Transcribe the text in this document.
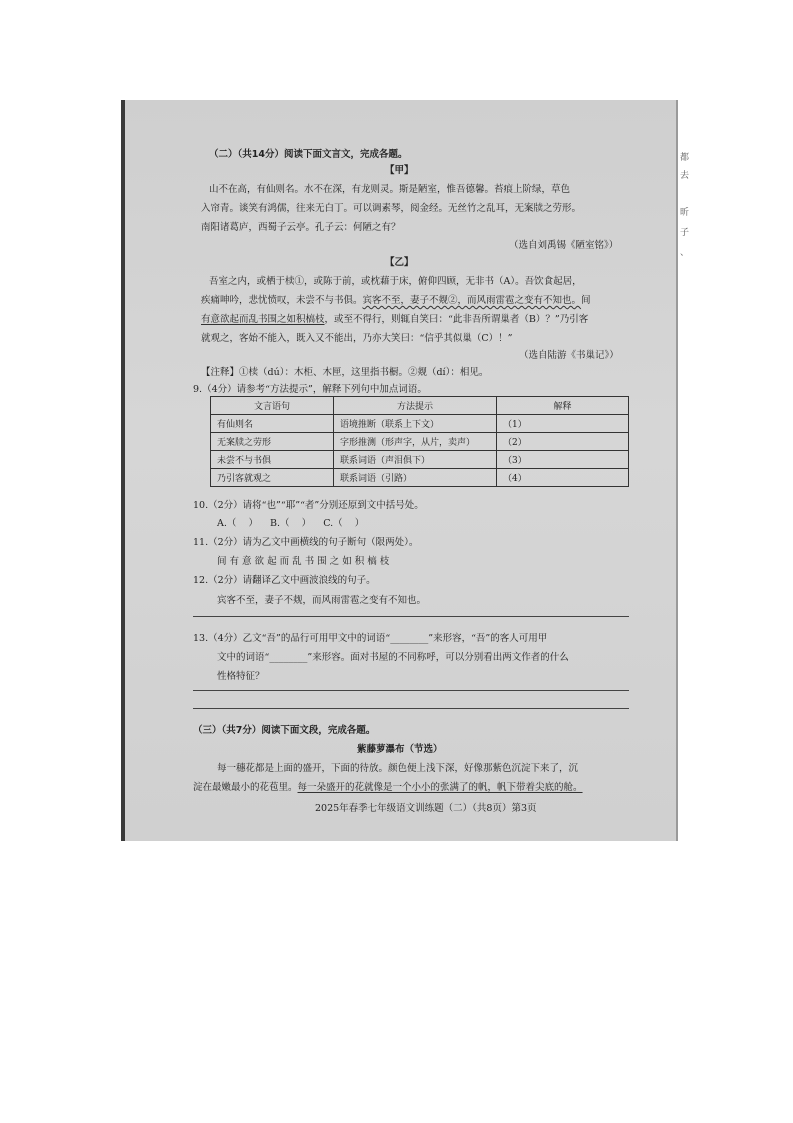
（二）（共14分）阅读下面文言文，完成各题。
【甲】
山不在高，有仙则名。水不在深，有龙则灵。斯是陋室，惟吾德馨。苔痕上阶绿，草色
入帘青。谈笑有鸿儒，往来无白丁。可以调素琴，阅金经。无丝竹之乱耳，无案牍之劳形。
南阳诸葛庐，西蜀子云亭。孔子云：何陋之有？
（选自刘禹锡《陋室铭》）
【乙】
吾室之内，或栖于椟①，或陈于前，或枕藉于床，俯仰四顾，无非书（A）。吾饮食起居，
疾痛呻吟，悲忧愤叹，未尝不与书俱。宾客不至，妻子不觌②，而风雨雷雹之变有不知也。间
有意欲起而乱书围之如积槁枝，或至不得行，则辄自笑曰：“此非吾所谓巢者（B）？”乃引客
就观之，客始不能入，既入又不能出，乃亦大笑曰：“信乎其似巢（C）！”
（选自陆游《书巢记》）
【注释】①椟（dú）：木柜、木匣，这里指书橱。②觌（dí）：相见。
9.（4分）请参考“方法提示”，解释下列句中加点词语。
文言语句	方法提示	解释
有仙则名	语境推断（联系上下文）	（1）
无案牍之劳形	字形推测（形声字，从片，卖声）	（2）
未尝不与书俱	联系词语（声泪俱下）	（3）
乃引客就观之	联系词语（引路）	（4）
10.（2分）请将“也”“耶”“者”分别还原到文中括号处。
A.（    ）    B.（    ）    C.（    ）
11.（2分）请为乙文中画横线的句子断句（限两处）。
间 有 意 欲 起 而 乱 书 围 之 如 积 槁 枝
12.（2分）请翻译乙文中画波浪线的句子。
宾客不至，妻子不觌，而风雨雷雹之变有不知也。
13.（4分）乙文“吾”的品行可用甲文中的词语“________”来形容，“吾”的客人可用甲
文中的词语“________”来形容。面对书屋的不同称呼，可以分别看出两文作者的什么
性格特征？
（三）（共7分）阅读下面文段，完成各题。
紫藤萝瀑布（节选）
每一穗花都是上面的盛开，下面的待放。颜色便上浅下深，好像那紫色沉淀下来了，沉
淀在最嫩最小的花苞里。每一朵盛开的花就像是一个小小的张满了的帆，帆下带着尖底的舱。
2025年春季七年级语文训练题（二）（共8页）第3页
都
去
昕
子
、
